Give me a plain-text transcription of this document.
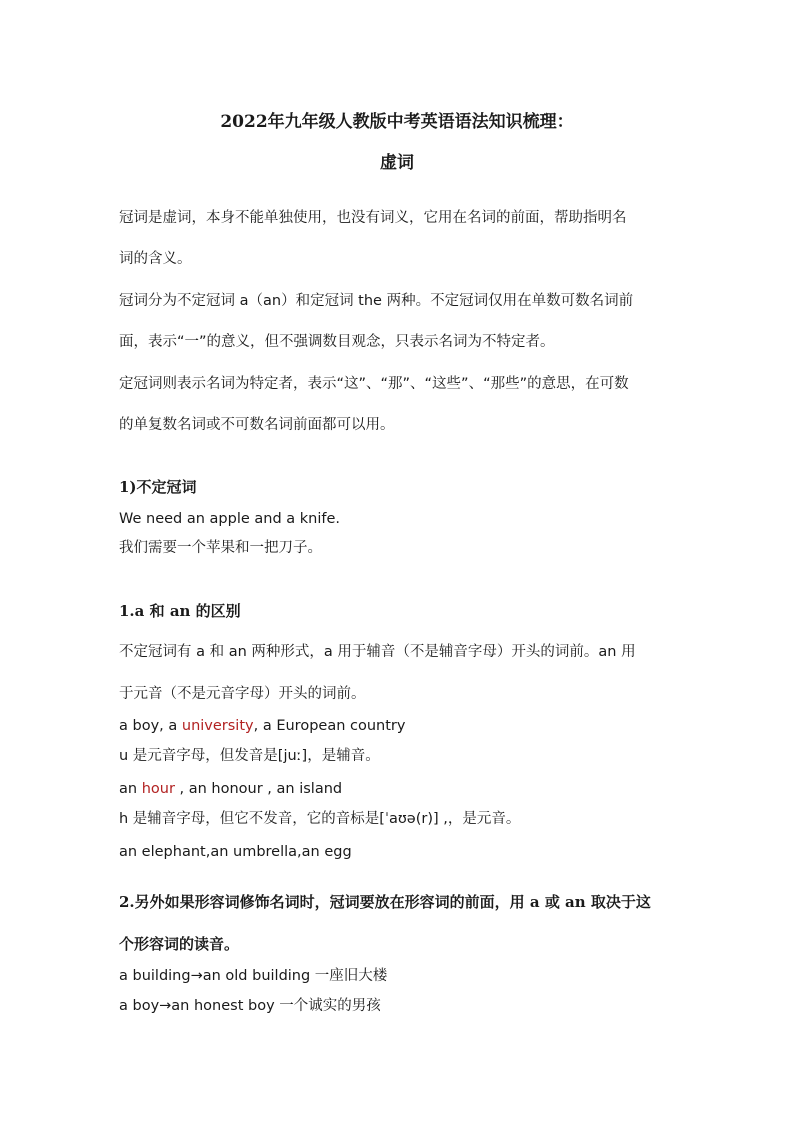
2022年九年级人教版中考英语语法知识梳理：
虚词
冠词是虚词，本身不能单独使用，也没有词义，它用在名词的前面，帮助指明名
词的含义。
冠词分为不定冠词 a（an）和定冠词 the 两种。不定冠词仅用在单数可数名词前
面，表示“一”的意义，但不强调数目观念，只表示名词为不特定者。
定冠词则表示名词为特定者，表示“这”、“那”、“这些”、“那些”的意思，在可数
的单复数名词或不可数名词前面都可以用。
1)不定冠词
We need an apple and a knife.
我们需要一个苹果和一把刀子。
1.a 和 an 的区别
不定冠词有 a 和 an 两种形式，a 用于辅音（不是辅音字母）开头的词前。an 用
于元音（不是元音字母）开头的词前。
a boy, a university, a European country
u 是元音字母，但发音是[juː]，是辅音。
an hour , an honour , an island
h 是辅音字母，但它不发音，它的音标是[ˈaʊə(r)] ,，是元音。
an elephant,an umbrella,an egg
2.另外如果形容词修饰名词时，冠词要放在形容词的前面，用 a 或 an 取决于这
个形容词的读音。
a building→an old building 一座旧大楼
a boy→an honest boy 一个诚实的男孩
